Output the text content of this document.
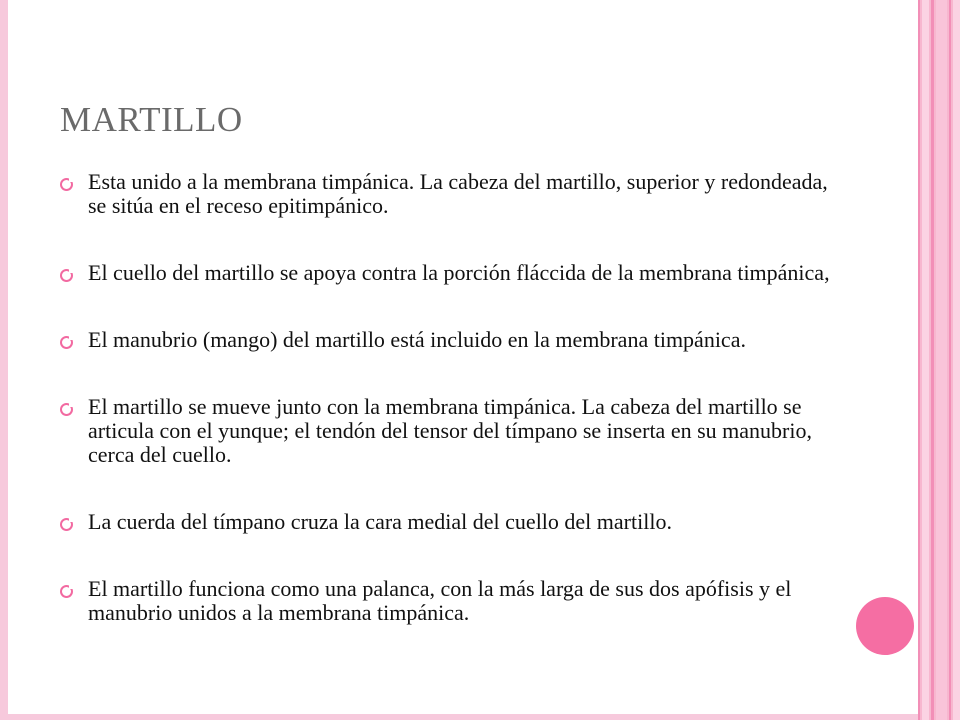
MARTILLO
Esta unido a la membrana timpánica. La cabeza del martillo, superior y redondeada, se sitúa en el receso epitimpánico.
El cuello del martillo se apoya contra la porción fláccida de la membrana timpánica,
El manubrio (mango) del martillo está incluido en la membrana timpánica.
El martillo se mueve junto con la membrana timpánica. La cabeza del martillo se articula con el yunque; el tendón del tensor del tímpano se inserta en su manubrio, cerca del cuello.
La cuerda del tímpano cruza la cara medial del cuello del martillo.
El martillo funciona como una palanca, con la más larga de sus dos apófisis y el manubrio unidos a la membrana timpánica.
